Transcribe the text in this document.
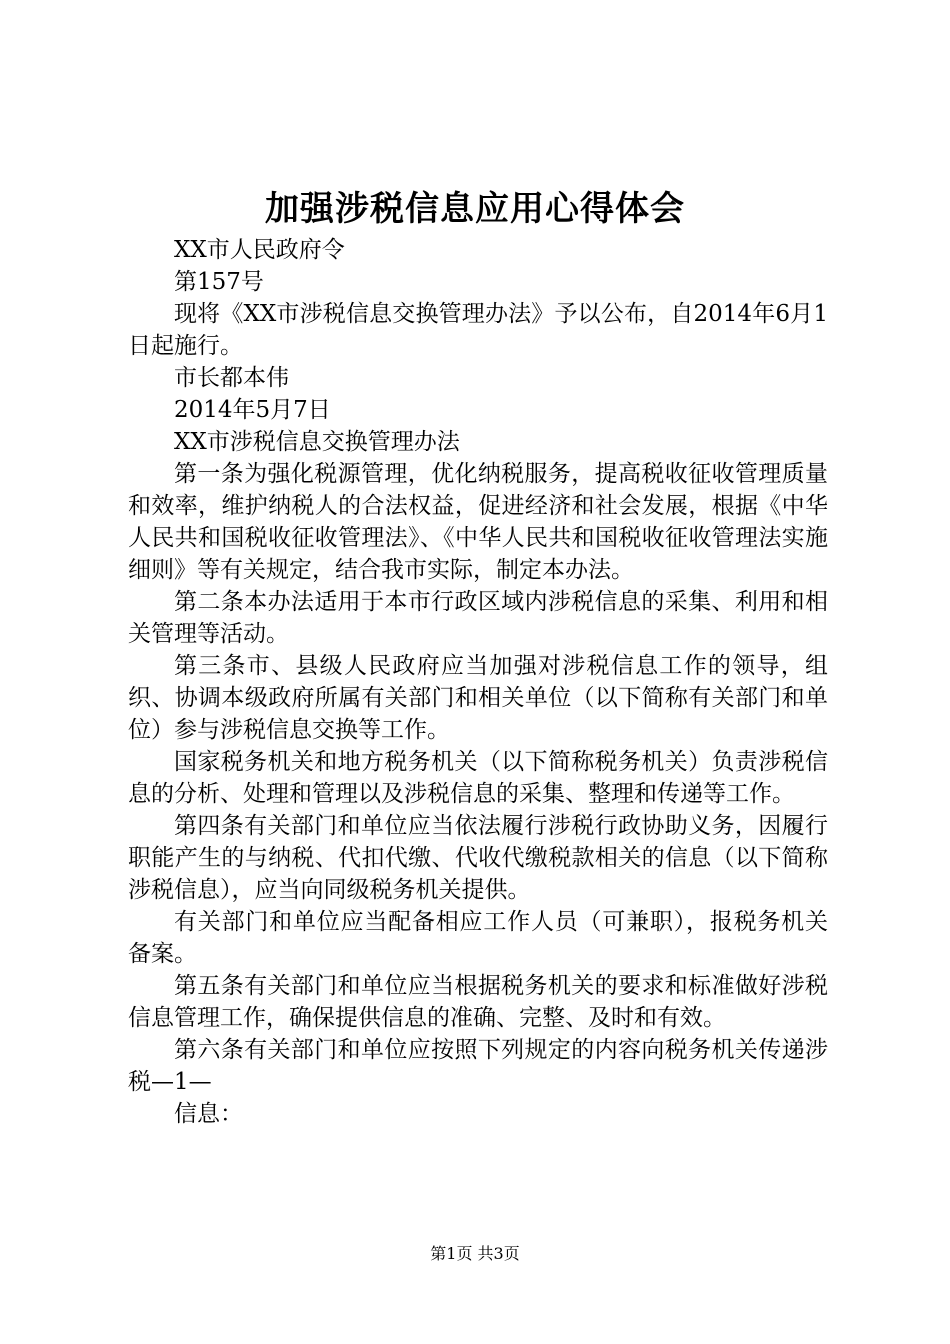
加强涉税信息应用心得体会

XX市人民政府令

第157号

现将《XX市涉税信息交换管理办法》予以公布，自2014年6月1日起施行。

市长都本伟

2014年5月7日

XX市涉税信息交换管理办法

第一条为强化税源管理，优化纳税服务，提高税收征收管理质量和效率，维护纳税人的合法权益，促进经济和社会发展，根据《中华人民共和国税收征收管理法》、《中华人民共和国税收征收管理法实施细则》等有关规定，结合我市实际，制定本办法。

第二条本办法适用于本市行政区域内涉税信息的采集、利用和相关管理等活动。

第三条市、县级人民政府应当加强对涉税信息工作的领导，组织、协调本级政府所属有关部门和相关单位（以下简称有关部门和单位）参与涉税信息交换等工作。

国家税务机关和地方税务机关（以下简称税务机关）负责涉税信息的分析、处理和管理以及涉税信息的采集、整理和传递等工作。

第四条有关部门和单位应当依法履行涉税行政协助义务，因履行职能产生的与纳税、代扣代缴、代收代缴税款相关的信息（以下简称涉税信息），应当向同级税务机关提供。

有关部门和单位应当配备相应工作人员（可兼职），报税务机关备案。

第五条有关部门和单位应当根据税务机关的要求和标准做好涉税信息管理工作，确保提供信息的准确、完整、及时和有效。

第六条有关部门和单位应按照下列规定的内容向税务机关传递涉税—1—

信息：

第1页 共3页
